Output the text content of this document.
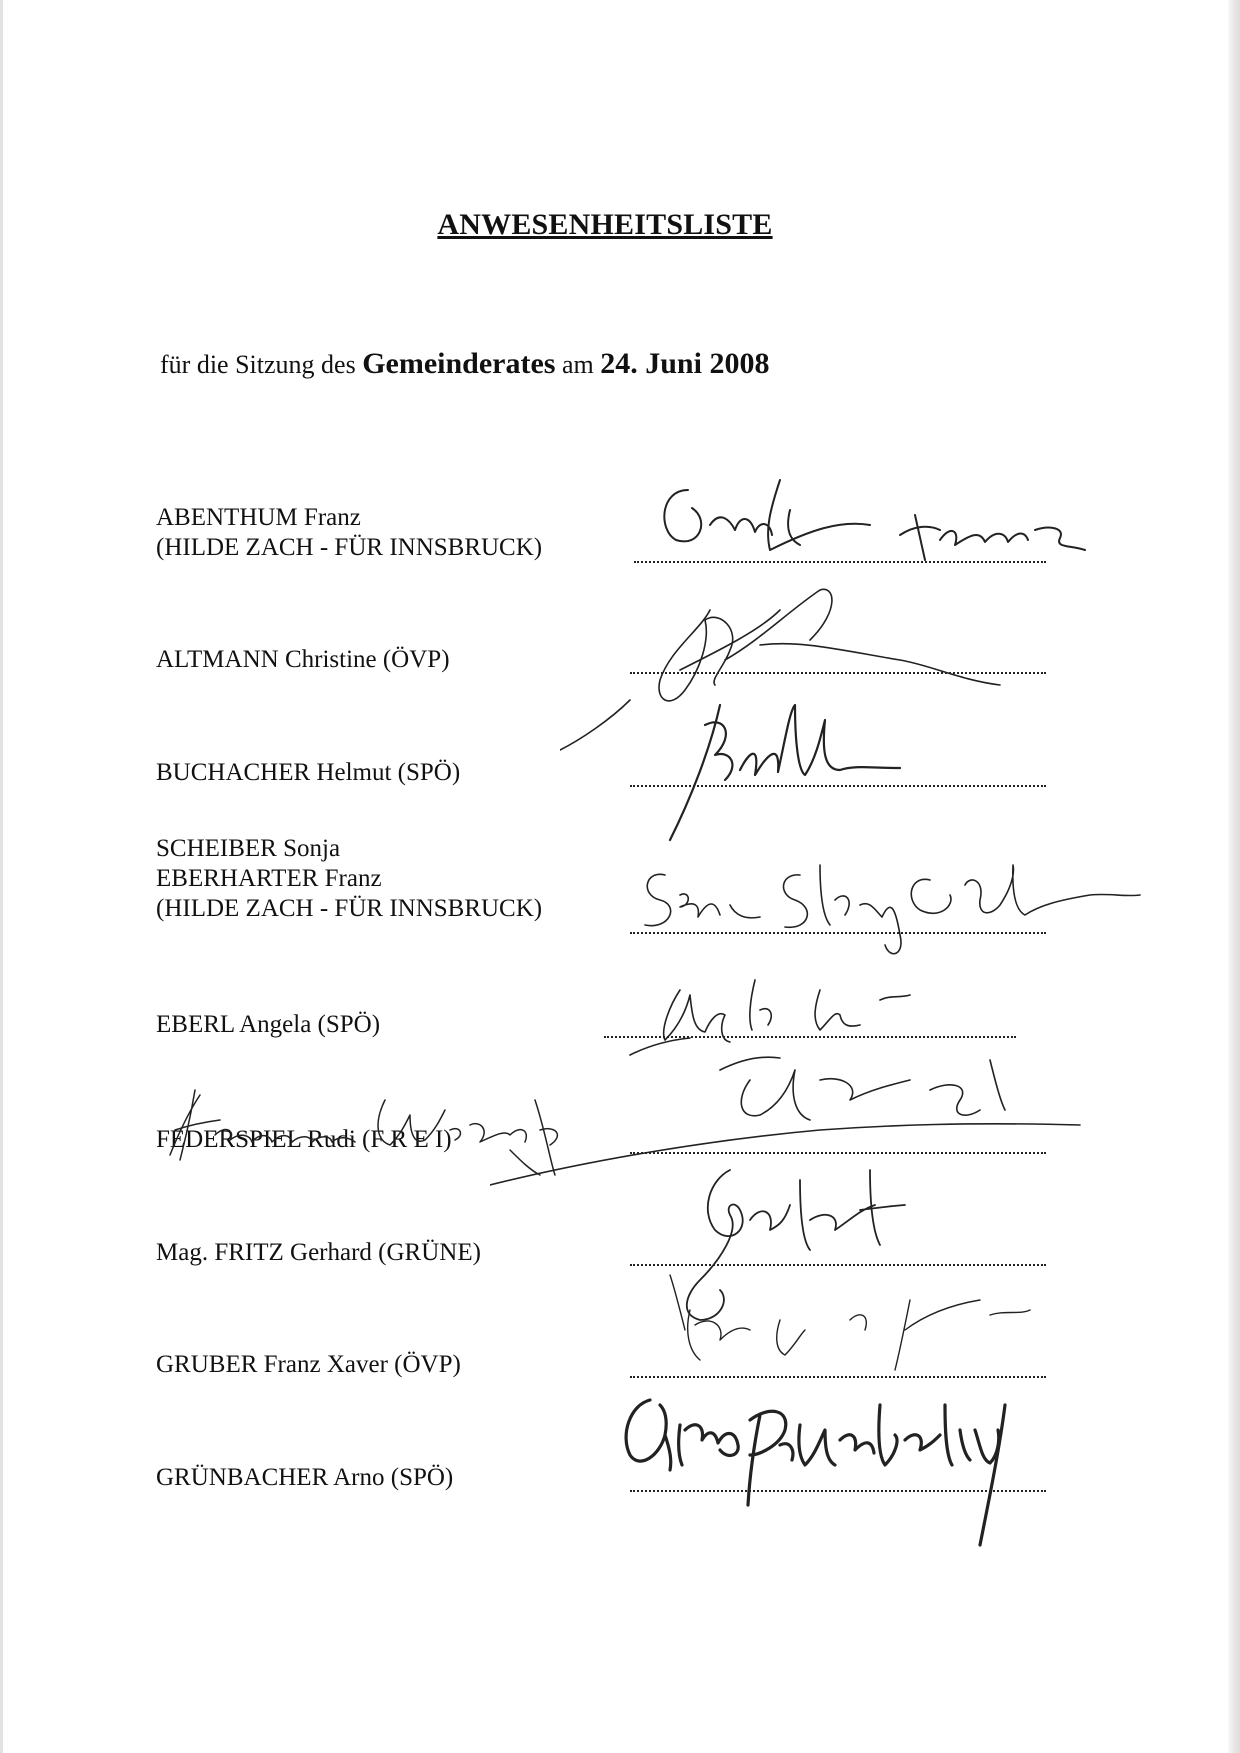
ANWESENHEITSLISTE
für die Sitzung des Gemeinderates am 24. Juni 2008
ABENTHUM Franz
(HILDE ZACH - FÜR INNSBRUCK)
ALTMANN Christine (ÖVP)
BUCHACHER Helmut (SPÖ)
SCHEIBER Sonja
EBERHARTER Franz
(HILDE ZACH - FÜR INNSBRUCK)
EBERL Angela (SPÖ)
FEDERSPIEL Rudi (F R E I)
Mag. FRITZ Gerhard (GRÜNE)
GRUBER Franz Xaver (ÖVP)
GRÜNBACHER Arno (SPÖ)
